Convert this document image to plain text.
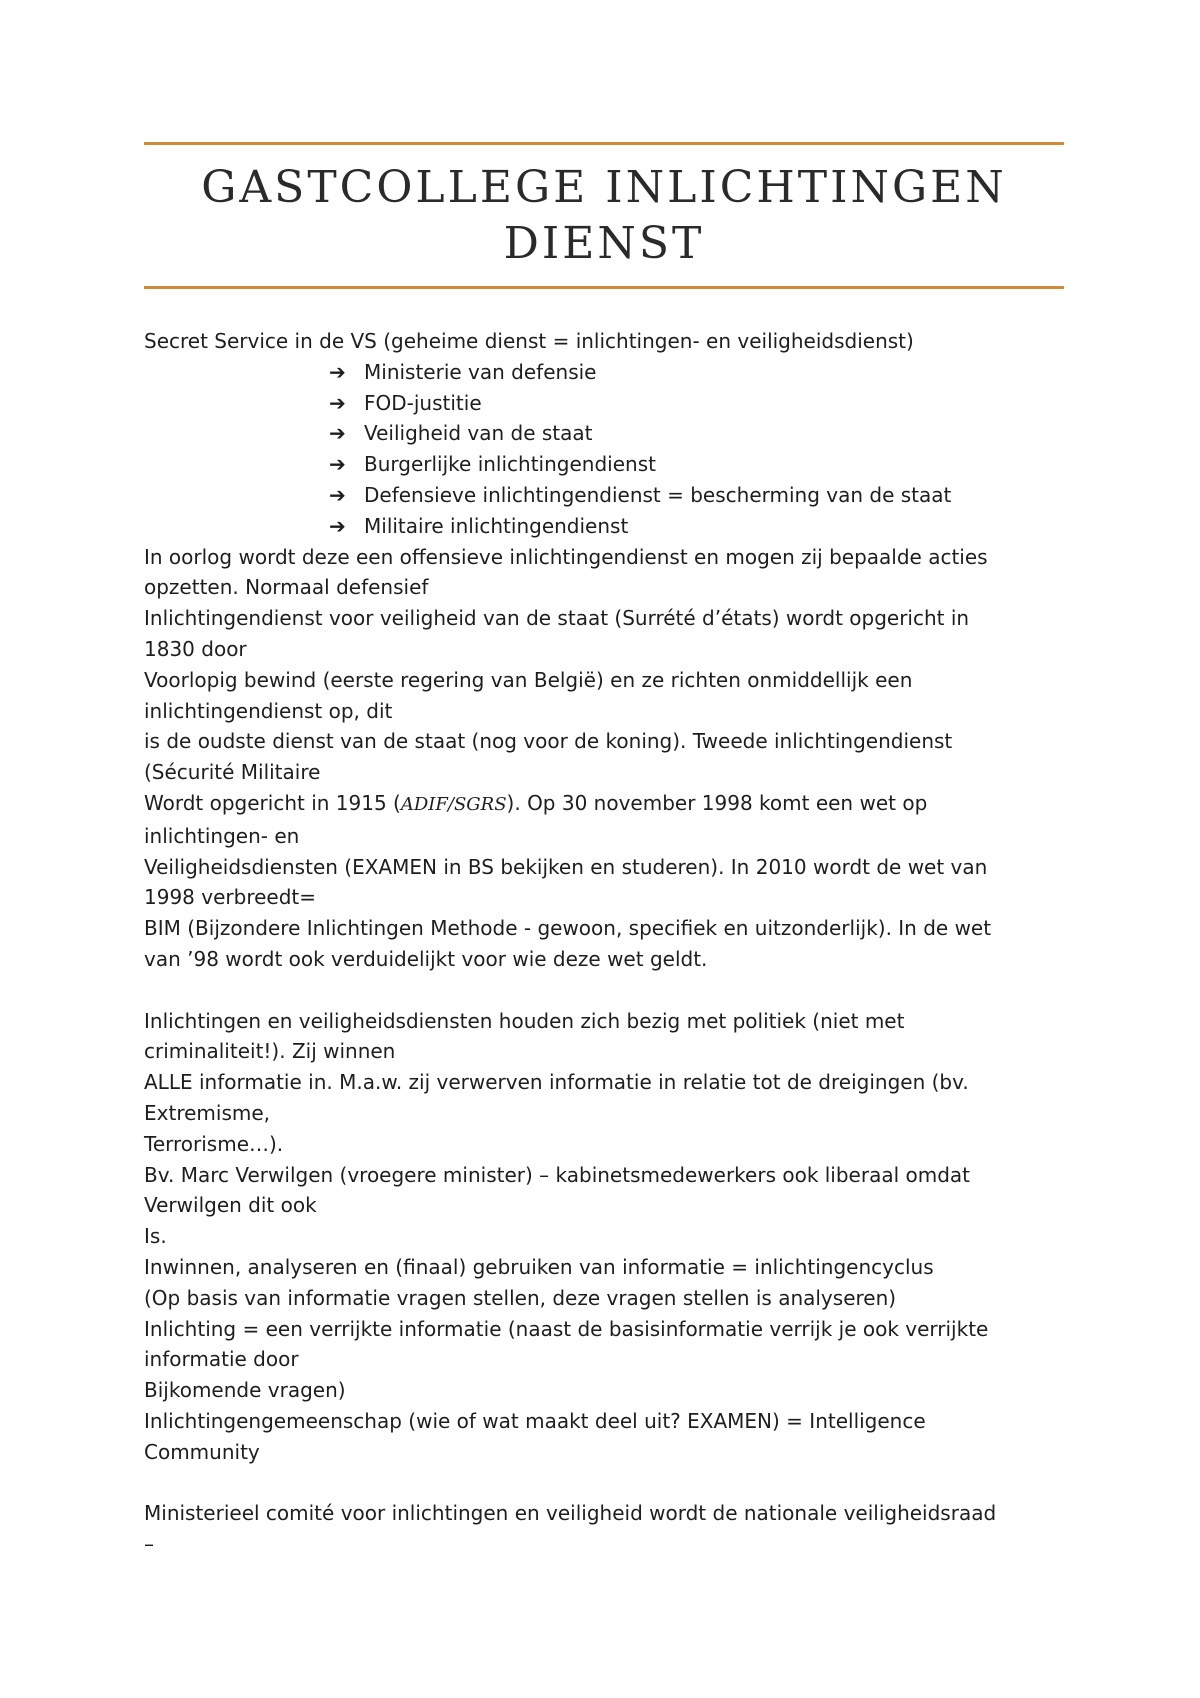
GASTCOLLEGE INLICHTINGEN
DIENST
Secret Service in de VS (geheime dienst = inlichtingen- en veiligheidsdienst)
➔ Ministerie van defensie
➔ FOD-justitie
➔ Veiligheid van de staat
➔ Burgerlijke inlichtingendienst
➔ Defensieve inlichtingendienst = bescherming van de staat
➔ Militaire inlichtingendienst
In oorlog wordt deze een offensieve inlichtingendienst en mogen zij bepaalde acties
opzetten. Normaal defensief
Inlichtingendienst voor veiligheid van de staat (Surrété d’états) wordt opgericht in
1830 door
Voorlopig bewind (eerste regering van België) en ze richten onmiddellijk een
inlichtingendienst op, dit
is de oudste dienst van de staat (nog voor de koning). Tweede inlichtingendienst
(Sécurité Militaire
Wordt opgericht in 1915 (ADIF/SGRS). Op 30 november 1998 komt een wet op
inlichtingen- en
Veiligheidsdiensten (EXAMEN in BS bekijken en studeren). In 2010 wordt de wet van
1998 verbreedt=
BIM (Bijzondere Inlichtingen Methode - gewoon, specifiek en uitzonderlijk). In de wet
van ’98 wordt ook verduidelijkt voor wie deze wet geldt.
Inlichtingen en veiligheidsdiensten houden zich bezig met politiek (niet met
criminaliteit!). Zij winnen
ALLE informatie in. M.a.w. zij verwerven informatie in relatie tot de dreigingen (bv.
Extremisme,
Terrorisme…).
Bv. Marc Verwilgen (vroegere minister) – kabinetsmedewerkers ook liberaal omdat
Verwilgen dit ook
Is.
Inwinnen, analyseren en (finaal) gebruiken van informatie = inlichtingencyclus
(Op basis van informatie vragen stellen, deze vragen stellen is analyseren)
Inlichting = een verrijkte informatie (naast de basisinformatie verrijk je ook verrijkte
informatie door
Bijkomende vragen)
Inlichtingengemeenschap (wie of wat maakt deel uit? EXAMEN) = Intelligence
Community
Ministerieel comité voor inlichtingen en veiligheid wordt de nationale veiligheidsraad
–
